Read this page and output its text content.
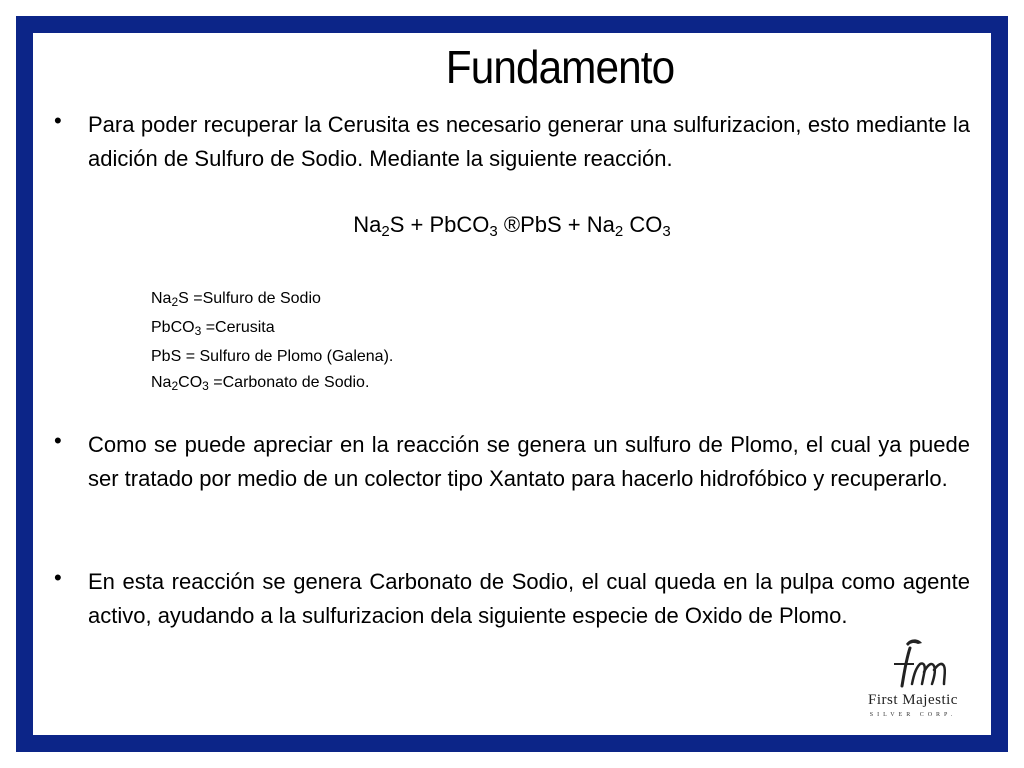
Fundamento
• Para poder recuperar la Cerusita es necesario generar una sulfurizacion, esto mediante la adición de Sulfuro de Sodio. Mediante la siguiente reacción.
$Na_2S$ + PbCO$_3$ ®PbS + $Na_2$ $CO_3$
$Na_2S$ =Sulfuro de Sodio
PbCO$_3$ =Cerusita
PbS = Sulfuro de Plomo (Galena).
$Na_2CO_3$ =Carbonato de Sodio.
• Como se puede apreciar en la reacción se genera un sulfuro de Plomo, el cual ya puede ser tratado por medio de un colector tipo Xantato para hacerlo hidrofóbico y recuperarlo.
• En esta reacción se genera Carbonato de Sodio, el cual queda en la pulpa como agente activo, ayudando a la sulfurizacion dela siguiente especie de Oxido de Plomo.
First Majestic
SILVER CORP.
